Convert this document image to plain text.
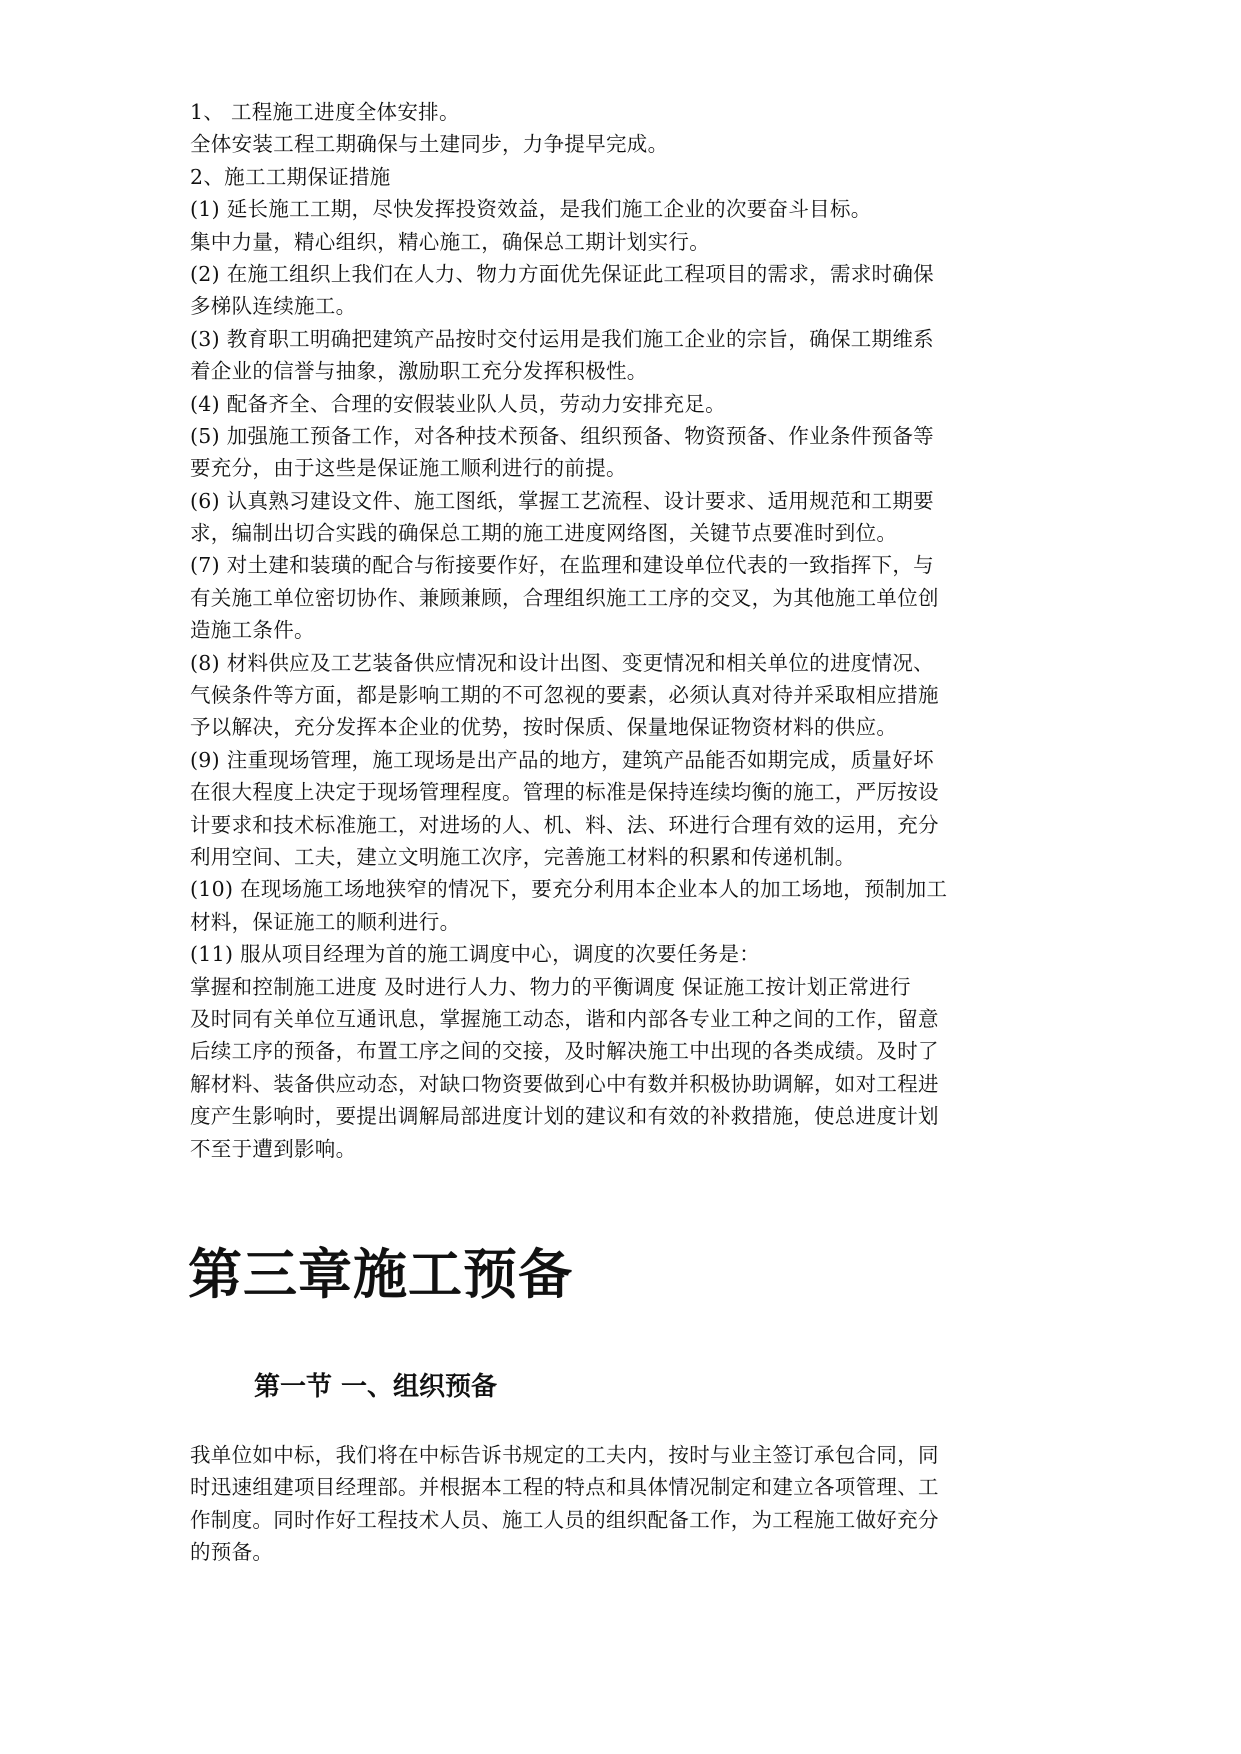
1、 工程施工进度全体安排。
全体安装工程工期确保与土建同步，力争提早完成。
2、施工工期保证措施
(1) 延长施工工期，尽快发挥投资效益，是我们施工企业的次要奋斗目标。
集中力量，精心组织，精心施工，确保总工期计划实行。
(2) 在施工组织上我们在人力、物力方面优先保证此工程项目的需求，需求时确保
多梯队连续施工。
(3) 教育职工明确把建筑产品按时交付运用是我们施工企业的宗旨，确保工期维系
着企业的信誉与抽象，激励职工充分发挥积极性。
(4) 配备齐全、合理的安假装业队人员，劳动力安排充足。
(5) 加强施工预备工作，对各种技术预备、组织预备、物资预备、作业条件预备等
要充分，由于这些是保证施工顺利进行的前提。
(6) 认真熟习建设文件、施工图纸，掌握工艺流程、设计要求、适用规范和工期要
求，编制出切合实践的确保总工期的施工进度网络图，关键节点要准时到位。
(7) 对土建和装璜的配合与衔接要作好，在监理和建设单位代表的一致指挥下，与
有关施工单位密切协作、兼顾兼顾，合理组织施工工序的交叉，为其他施工单位创
造施工条件。
(8) 材料供应及工艺装备供应情况和设计出图、变更情况和相关单位的进度情况、
气候条件等方面，都是影响工期的不可忽视的要素，必须认真对待并采取相应措施
予以解决，充分发挥本企业的优势，按时保质、保量地保证物资材料的供应。
(9) 注重现场管理，施工现场是出产品的地方，建筑产品能否如期完成，质量好坏
在很大程度上决定于现场管理程度。管理的标准是保持连续均衡的施工，严厉按设
计要求和技术标准施工，对进场的人、机、料、法、环进行合理有效的运用，充分
利用空间、工夫，建立文明施工次序，完善施工材料的积累和传递机制。
(10) 在现场施工场地狭窄的情况下，要充分利用本企业本人的加工场地，预制加工
材料，保证施工的顺利进行。
(11) 服从项目经理为首的施工调度中心，调度的次要任务是：
掌握和控制施工进度 及时进行人力、物力的平衡调度 保证施工按计划正常进行
及时同有关单位互通讯息，掌握施工动态，谐和内部各专业工种之间的工作，留意
后续工序的预备，布置工序之间的交接，及时解决施工中出现的各类成绩。及时了
解材料、装备供应动态，对缺口物资要做到心中有数并积极协助调解，如对工程进
度产生影响时，要提出调解局部进度计划的建议和有效的补救措施，使总进度计划
不至于遭到影响。
第三章施工预备
第一节 一、组织预备
我单位如中标，我们将在中标告诉书规定的工夫内，按时与业主签订承包合同，同
时迅速组建项目经理部。并根据本工程的特点和具体情况制定和建立各项管理、工
作制度。同时作好工程技术人员、施工人员的组织配备工作，为工程施工做好充分
的预备。
